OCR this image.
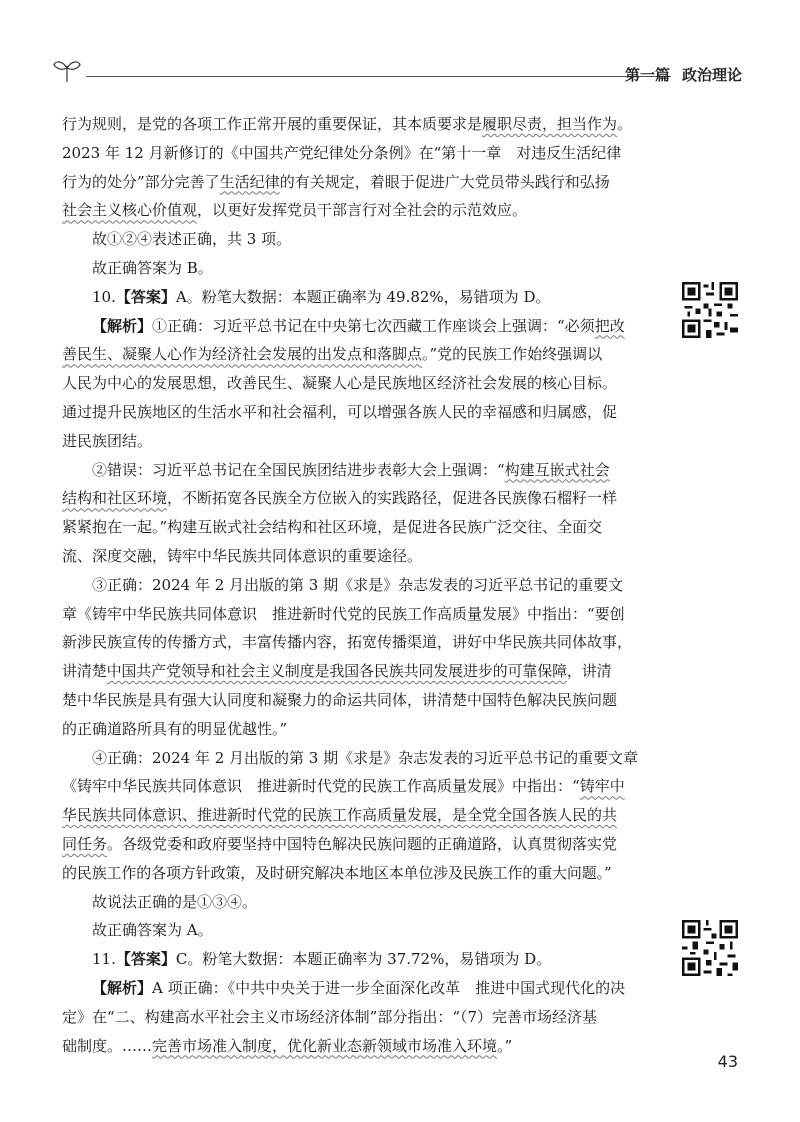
第一篇 政治理论

行为规则，是党的各项工作正常开展的重要保证，其本质要求是履职尽责，担当作为。

2023 年 12 月新修订的《中国共产党纪律处分条例》在“第十一章　对违反生活纪律

行为的处分”部分完善了生活纪律的有关规定，着眼于促进广大党员带头践行和弘扬

社会主义核心价值观，以更好发挥党员干部言行对全社会的示范效应。

故①②④表述正确，共 3 项。

故正确答案为 B。

10.【答案】A。粉笔大数据：本题正确率为 49.82%，易错项为 D。

【解析】①正确：习近平总书记在中央第七次西藏工作座谈会上强调：“必须把改

善民生、凝聚人心作为经济社会发展的出发点和落脚点。”党的民族工作始终强调以

人民为中心的发展思想，改善民生、凝聚人心是民族地区经济社会发展的核心目标。

通过提升民族地区的生活水平和社会福利，可以增强各族人民的幸福感和归属感，促

进民族团结。

②错误：习近平总书记在全国民族团结进步表彰大会上强调：“构建互嵌式社会

结构和社区环境，不断拓宽各民族全方位嵌入的实践路径，促进各民族像石榴籽一样

紧紧抱在一起。”构建互嵌式社会结构和社区环境，是促进各民族广泛交往、全面交

流、深度交融，铸牢中华民族共同体意识的重要途径。

③正确：2024 年 2 月出版的第 3 期《求是》杂志发表的习近平总书记的重要文

章《铸牢中华民族共同体意识　推进新时代党的民族工作高质量发展》中指出：“要创

新涉民族宣传的传播方式，丰富传播内容，拓宽传播渠道，讲好中华民族共同体故事，

讲清楚中国共产党领导和社会主义制度是我国各民族共同发展进步的可靠保障，讲清

楚中华民族是具有强大认同度和凝聚力的命运共同体，讲清楚中国特色解决民族问题

的正确道路所具有的明显优越性。”

④正确：2024 年 2 月出版的第 3 期《求是》杂志发表的习近平总书记的重要文章

《铸牢中华民族共同体意识　推进新时代党的民族工作高质量发展》中指出：“铸牢中

华民族共同体意识、推进新时代党的民族工作高质量发展，是全党全国各族人民的共

同任务。各级党委和政府要坚持中国特色解决民族问题的正确道路，认真贯彻落实党

的民族工作的各项方针政策，及时研究解决本地区本单位涉及民族工作的重大问题。”

故说法正确的是①③④。

故正确答案为 A。

11.【答案】C。粉笔大数据：本题正确率为 37.72%，易错项为 D。

【解析】A 项正确：《中共中央关于进一步全面深化改革　推进中国式现代化的决

定》在“二、构建高水平社会主义市场经济体制”部分指出：“（7）完善市场经济基

础制度。……完善市场准入制度，优化新业态新领域市场准入环境。”

43
